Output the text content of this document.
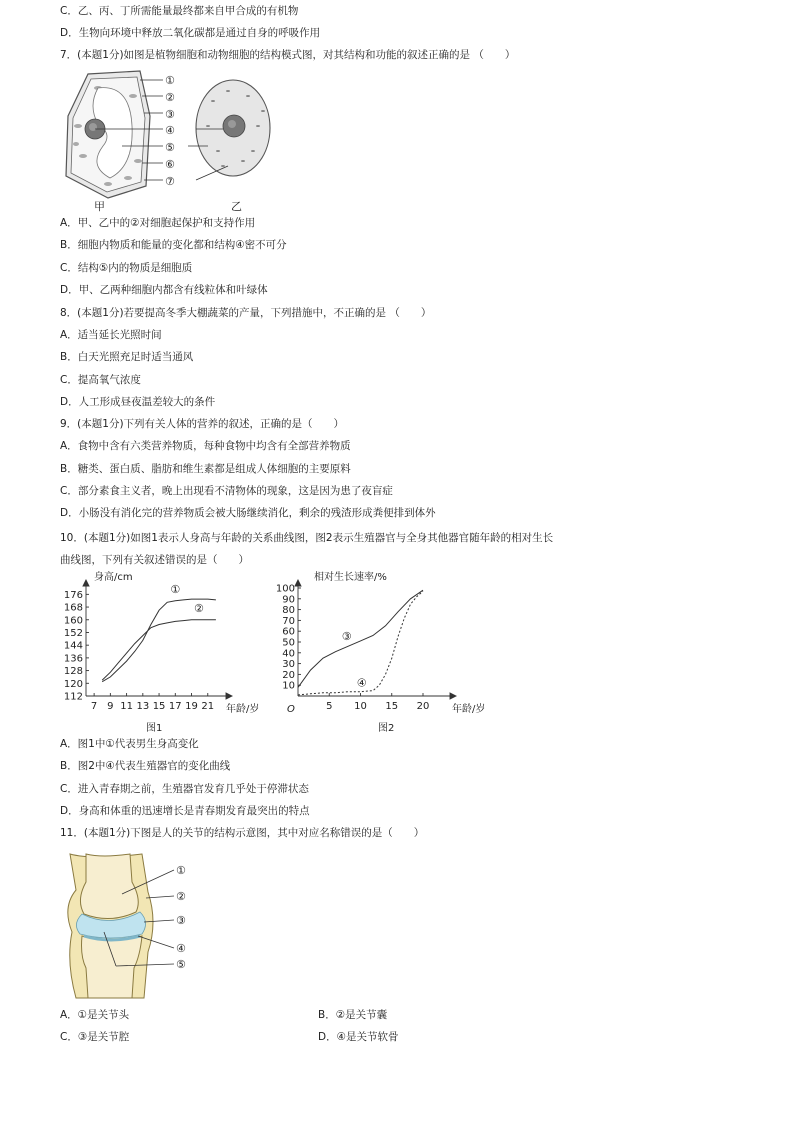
C．乙、丙、丁所需能量最终都来自甲合成的有机物
D．生物向环境中释放二氧化碳都是通过自身的呼吸作用
7．(本题1分)如图是植物细胞和动物细胞的结构模式图，对其结构和功能的叙述正确的是 （　　）
甲	乙
①
②
③
④
⑤
⑥
⑦
A．甲、乙中的②对细胞起保护和支持作用
B．细胞内物质和能量的变化都和结构④密不可分
C．结构⑤内的物质是细胞质
D．甲、乙两种细胞内都含有线粒体和叶绿体
8．(本题1分)若要提高冬季大棚蔬菜的产量，下列措施中，不正确的是 （　　）
A．适当延长光照时间
B．白天光照充足时适当通风
C．提高氧气浓度
D．人工形成昼夜温差较大的条件
9．(本题1分)下列有关人体的营养的叙述，正确的是（　　）
A．食物中含有六类营养物质，每种食物中均含有全部营养物质
B．糖类、蛋白质、脂肪和维生素都是组成人体细胞的主要原料
C．部分素食主义者，晚上出现看不清物体的现象，这是因为患了夜盲症
D．小肠没有消化完的营养物质会被大肠继续消化，剩余的残渣形成粪便排到体外
10．(本题1分)如图1表示人身高与年龄的关系曲线图，图2表示生殖器官与全身其他器官随年龄的相对生长
曲线图，下列有关叙述错误的是（　　）
7 9 11 13 15 17 19 21
112
120
128
136
144
152
160
168
176
身高/cm
年龄/岁
图1
①
②
5 10 15 20
10
20
30
40
50
60
70
80
90
100
相对生长速率/%
年龄/岁
O
图2
③
④
A．图1中①代表男生身高变化
B．图2中④代表生殖器官的变化曲线
C．进入青春期之前，生殖器官发育几乎处于停滞状态
D．身高和体重的迅速增长是青春期发育最突出的特点
11．(本题1分)下图是人的关节的结构示意图，其中对应名称错误的是（　　）
①
②
③
④
⑤
A．①是关节头	B．②是关节囊
C．③是关节腔	D．④是关节软骨
